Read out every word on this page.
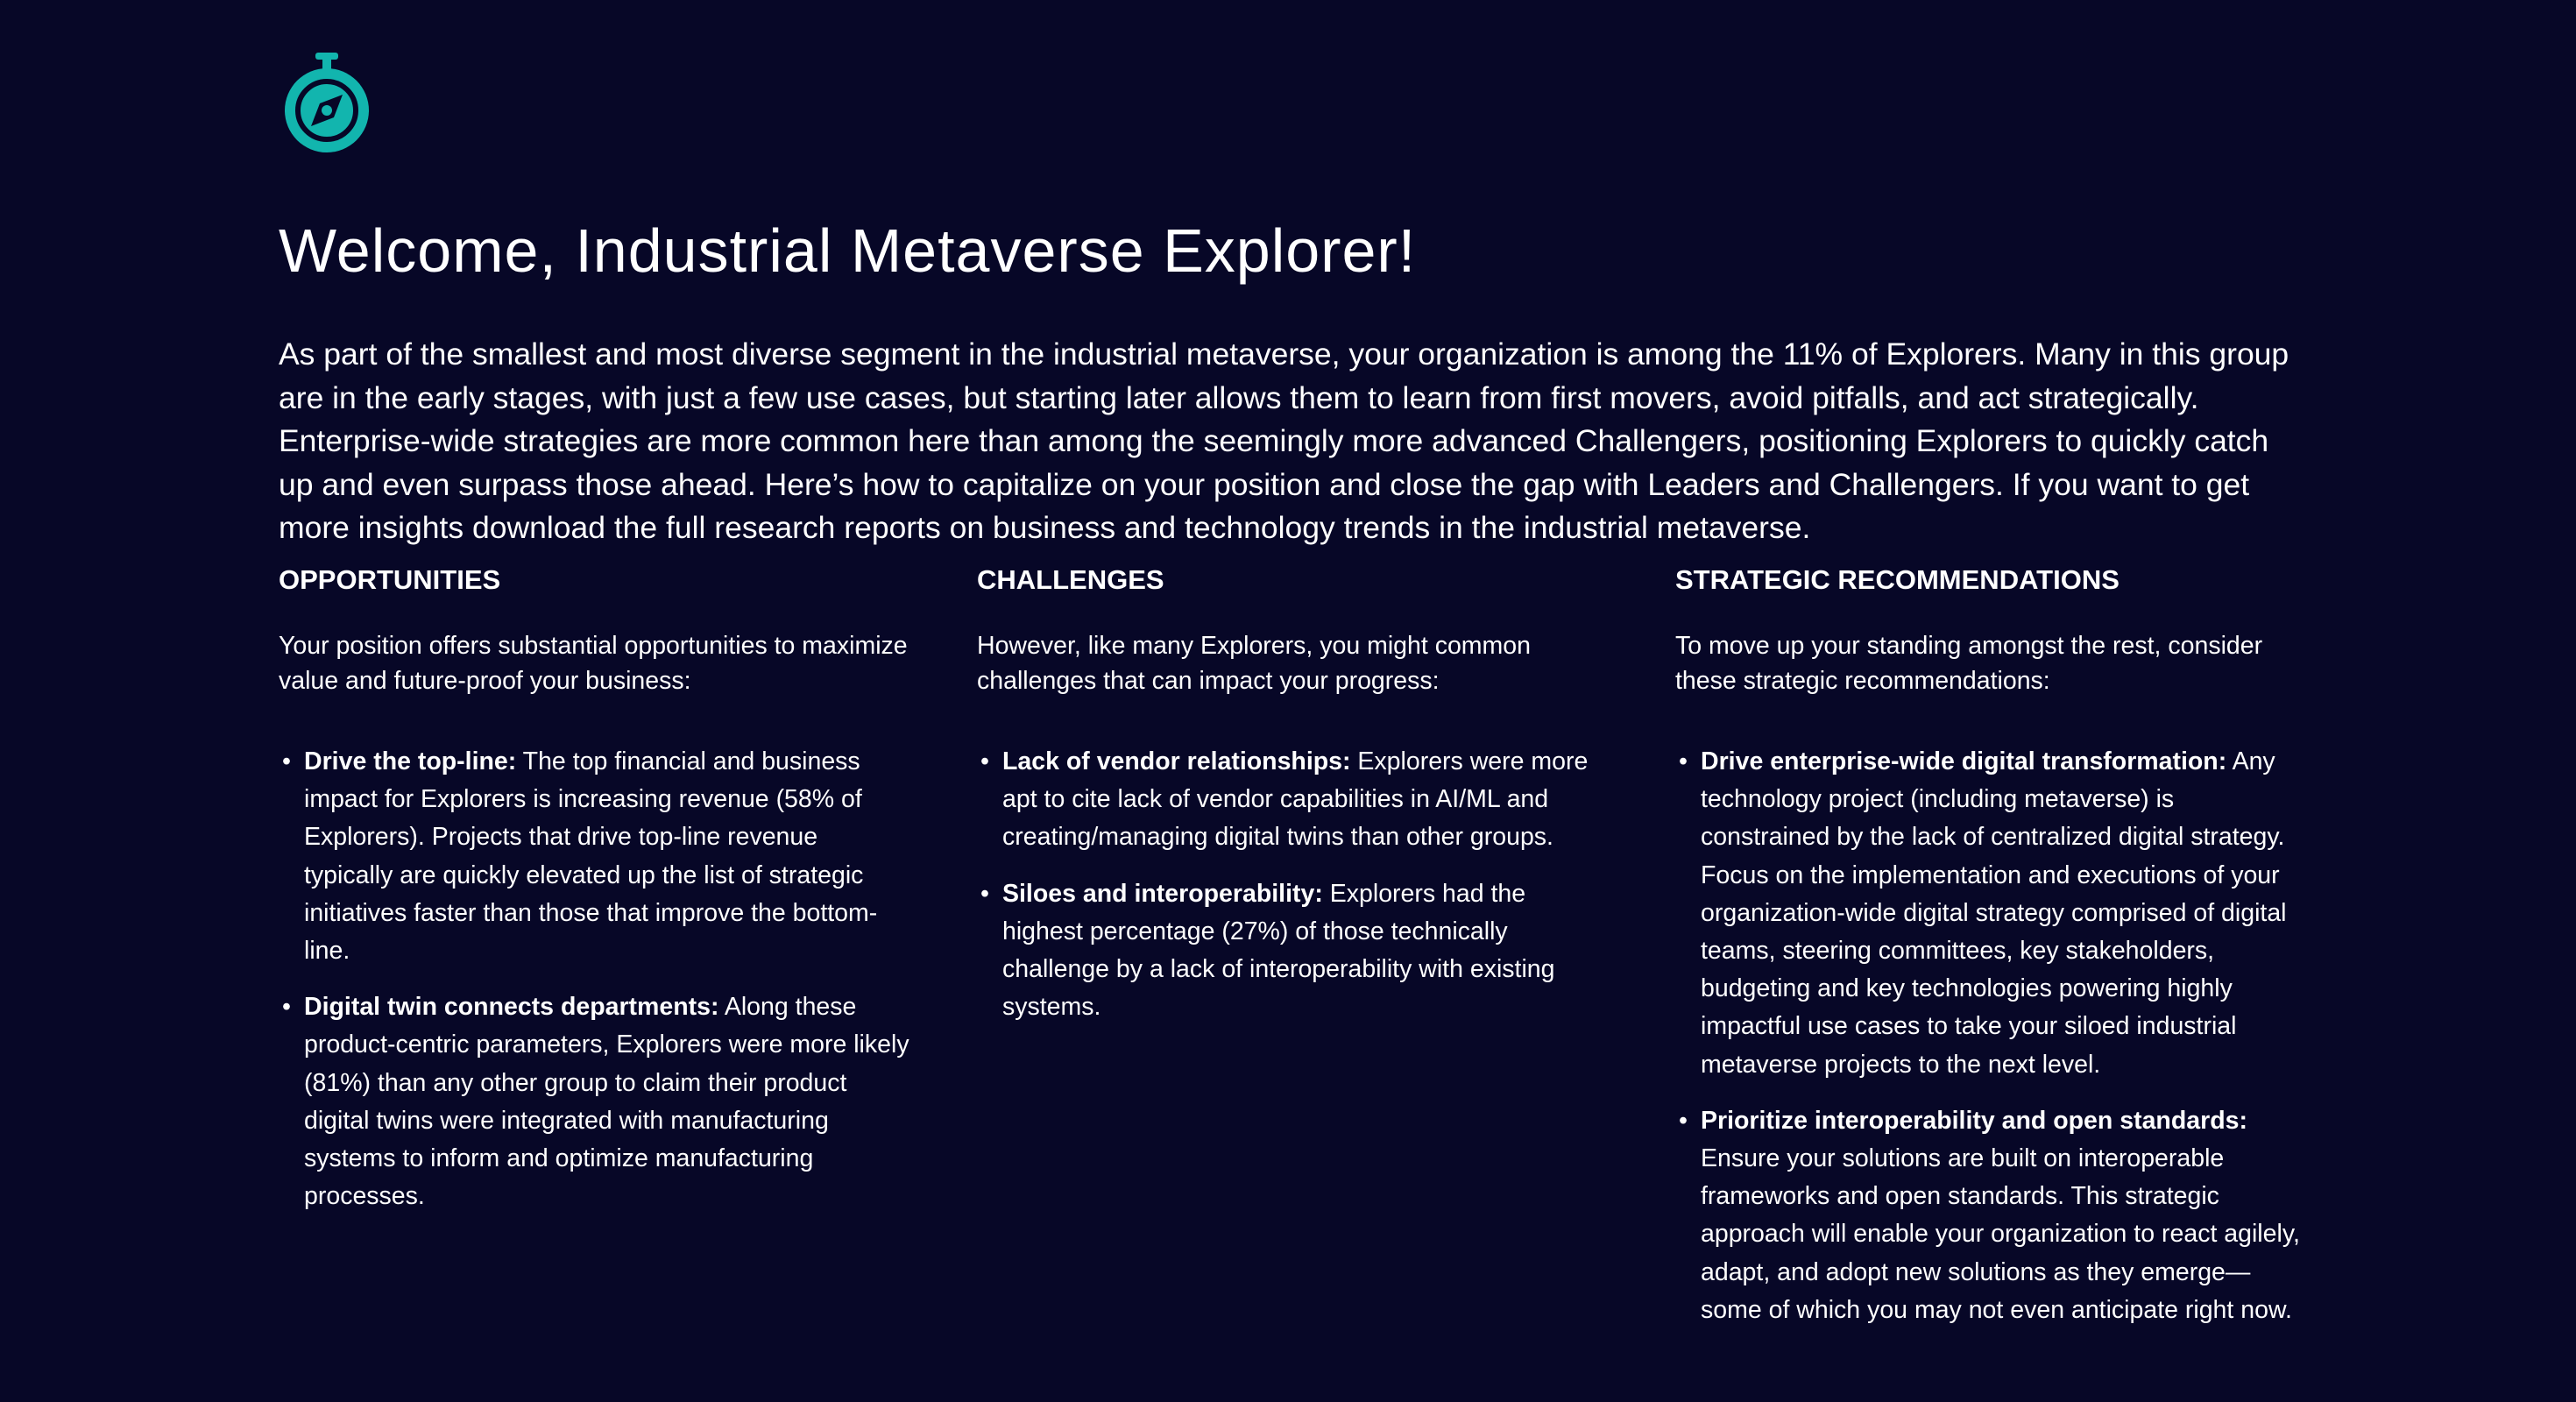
Welcome, Industrial Metaverse Explorer!

As part of the smallest and most diverse segment in the industrial metaverse, your organization is among the 11% of Explorers. Many in this group are in the early stages, with just a few use cases, but starting later allows them to learn from first movers, avoid pitfalls, and act strategically. Enterprise-wide strategies are more common here than among the seemingly more advanced Challengers, positioning Explorers to quickly catch up and even surpass those ahead. Here’s how to capitalize on your position and close the gap with Leaders and Challengers. If you want to get more insights download the full research reports on business and technology trends in the industrial metaverse.

OPPORTUNITIES

Your position offers substantial opportunities to maximize value and future-proof your business:

• Drive the top-line: The top financial and business impact for Explorers is increasing revenue (58% of Explorers). Projects that drive top-line revenue typically are quickly elevated up the list of strategic initiatives faster than those that improve the bottom-line.
• Digital twin connects departments: Along these product-centric parameters, Explorers were more likely (81%) than any other group to claim their product digital twins were integrated with manufacturing systems to inform and optimize manufacturing processes.
CHALLENGES

However, like many Explorers, you might common challenges that can impact your progress:

• Lack of vendor relationships: Explorers were more apt to cite lack of vendor capabilities in AI/ML and creating/managing digital twins than other groups.
• Siloes and interoperability: Explorers had the highest percentage (27%) of those technically challenge by a lack of interoperability with existing systems.
STRATEGIC RECOMMENDATIONS

To move up your standing amongst the rest, consider these strategic recommendations:

• Drive enterprise-wide digital transformation: Any technology project (including metaverse) is constrained by the lack of centralized digital strategy. Focus on the implementation and executions of your organization-wide digital strategy comprised of digital teams, steering committees, key stakeholders, budgeting and key technologies powering highly impactful use cases to take your siloed industrial metaverse projects to the next level.
• Prioritize interoperability and open standards: Ensure your solutions are built on interoperable frameworks and open standards. This strategic approach will enable your organization to react agilely, adapt, and adopt new solutions as they emerge—some of which you may not even anticipate right now.
